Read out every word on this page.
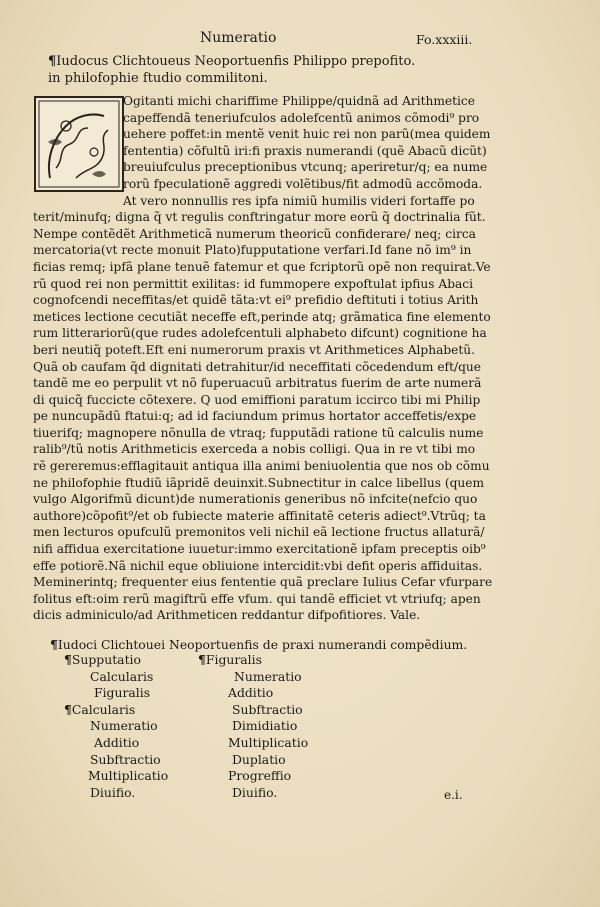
Numeratio	Fo.xxxiii.
¶Iudocus Clichtoueus Neoportuenfis Philippo prepofito.
in philofophie ftudio commilitoni.
Ogitanti michi chariffime Philippe/quidnã ad Arithmetice
capeffendã teneriufculos adolefcentũ animos cõmodi⁹ pro
uehere poffet:in mentẽ venit huic rei non parũ(mea quidem
fententia) cõfultũ iri:fi praxis numerandi (quẽ Abacũ dicũt)
breuiufculus preceptionibus vtcunq; aperiretur/q; ea nume
rorũ fpeculationẽ aggredi volẽtibus/fit admodũ accõmoda.
At vero nonnullis res ipfa nimiũ humilis videri fortaffe po
terit/minufq; digna q̃ vt regulis conftringatur more eorũ q̃ doctrinalia fũt.
Nempe contẽdẽt Arithmeticã numerum theoricũ confiderare/ neq; circa
mercatoria(vt recte monuit Plato)fupputatione verfari.Id fane nõ im⁹ in
ficias remq; ipfã plane tenuẽ fatemur et que fcriptorũ opẽ non requirat.Ve
rũ quod rei non permittit exilitas: id fummopere expoftulat ipfius Abaci
cognofcendi neceffitas/et quidẽ tãta:vt ei⁹ prefidio deftituti i totius Arith
metices lectione cecutiãt neceffe eft,perinde atq; grãmatica fine elemento
rum litterariorũ(que rudes adolefcentuli alphabeto difcunt) cognitione ha
beri neutiq̃ poteft.Eft eni numerorum praxis vt Arithmetices Alphabetũ.
Quã ob caufam q̃d dignitati detrahitur/id neceffitati cõcedendum eft/que
tandẽ me eo perpulit vt nõ fuperuacuũ arbitratus fuerim de arte numerã
di quicq̃ fuccicte cõtexere. Q uod emiffioni paratum iccirco tibi mi Philip
pe nuncupãdũ ftatui:q; ad id faciundum primus hortator acceffetis/expe
tiuerifq; magnopere nõnulla de vtraq; fupputãdi ratione tũ calculis nume
ralib⁹/tũ notis Arithmeticis exerceda a nobis colligi. Qua in re vt tibi mo
rẽ gereremus:efflagitauit antiqua illa animi beniuolentia que nos ob cõmu
ne philofophie ftudiũ iãpridẽ deuinxit.Subnectitur in calce libellus (quem
vulgo Algorifmũ dicunt)de numerationis generibus nõ infcite(nefcio quo
authore)cõpofit⁹/et ob fubiecte materie affinitatẽ ceteris adiect⁹.Vtrũq; ta
men lecturos opufculũ premonitos veli nichil eã lectione fructus allaturã/
nifi affidua exercitatione iuuetur:immo exercitationẽ ipfam preceptis oib⁹
effe potiorẽ.Nã nichil eque obliuione intercidit:vbi defit operis affiduitas.
Meminerintq; frequenter eius fententie quã preclare Iulius Cefar vfurpare
folitus eft:oim rerũ magiftrũ effe vfum. qui tandẽ efficiet vt vtriufq; apen
dicis adminiculo/ad Arithmeticen reddantur difpofitiores. Vale.
¶Iudoci Clichtouei Neoportuenfis de praxi numerandi compẽdium.
¶Supputatio
Calcularis
Figuralis
¶Calcularis
Numeratio
Additio
Subftractio
Multiplicatio
Diuifio.
¶Figuralis
Numeratio
Additio
Subftractio
Dimidiatio
Multiplicatio
Duplatio
Progreffio
Diuifio.	e.i.
